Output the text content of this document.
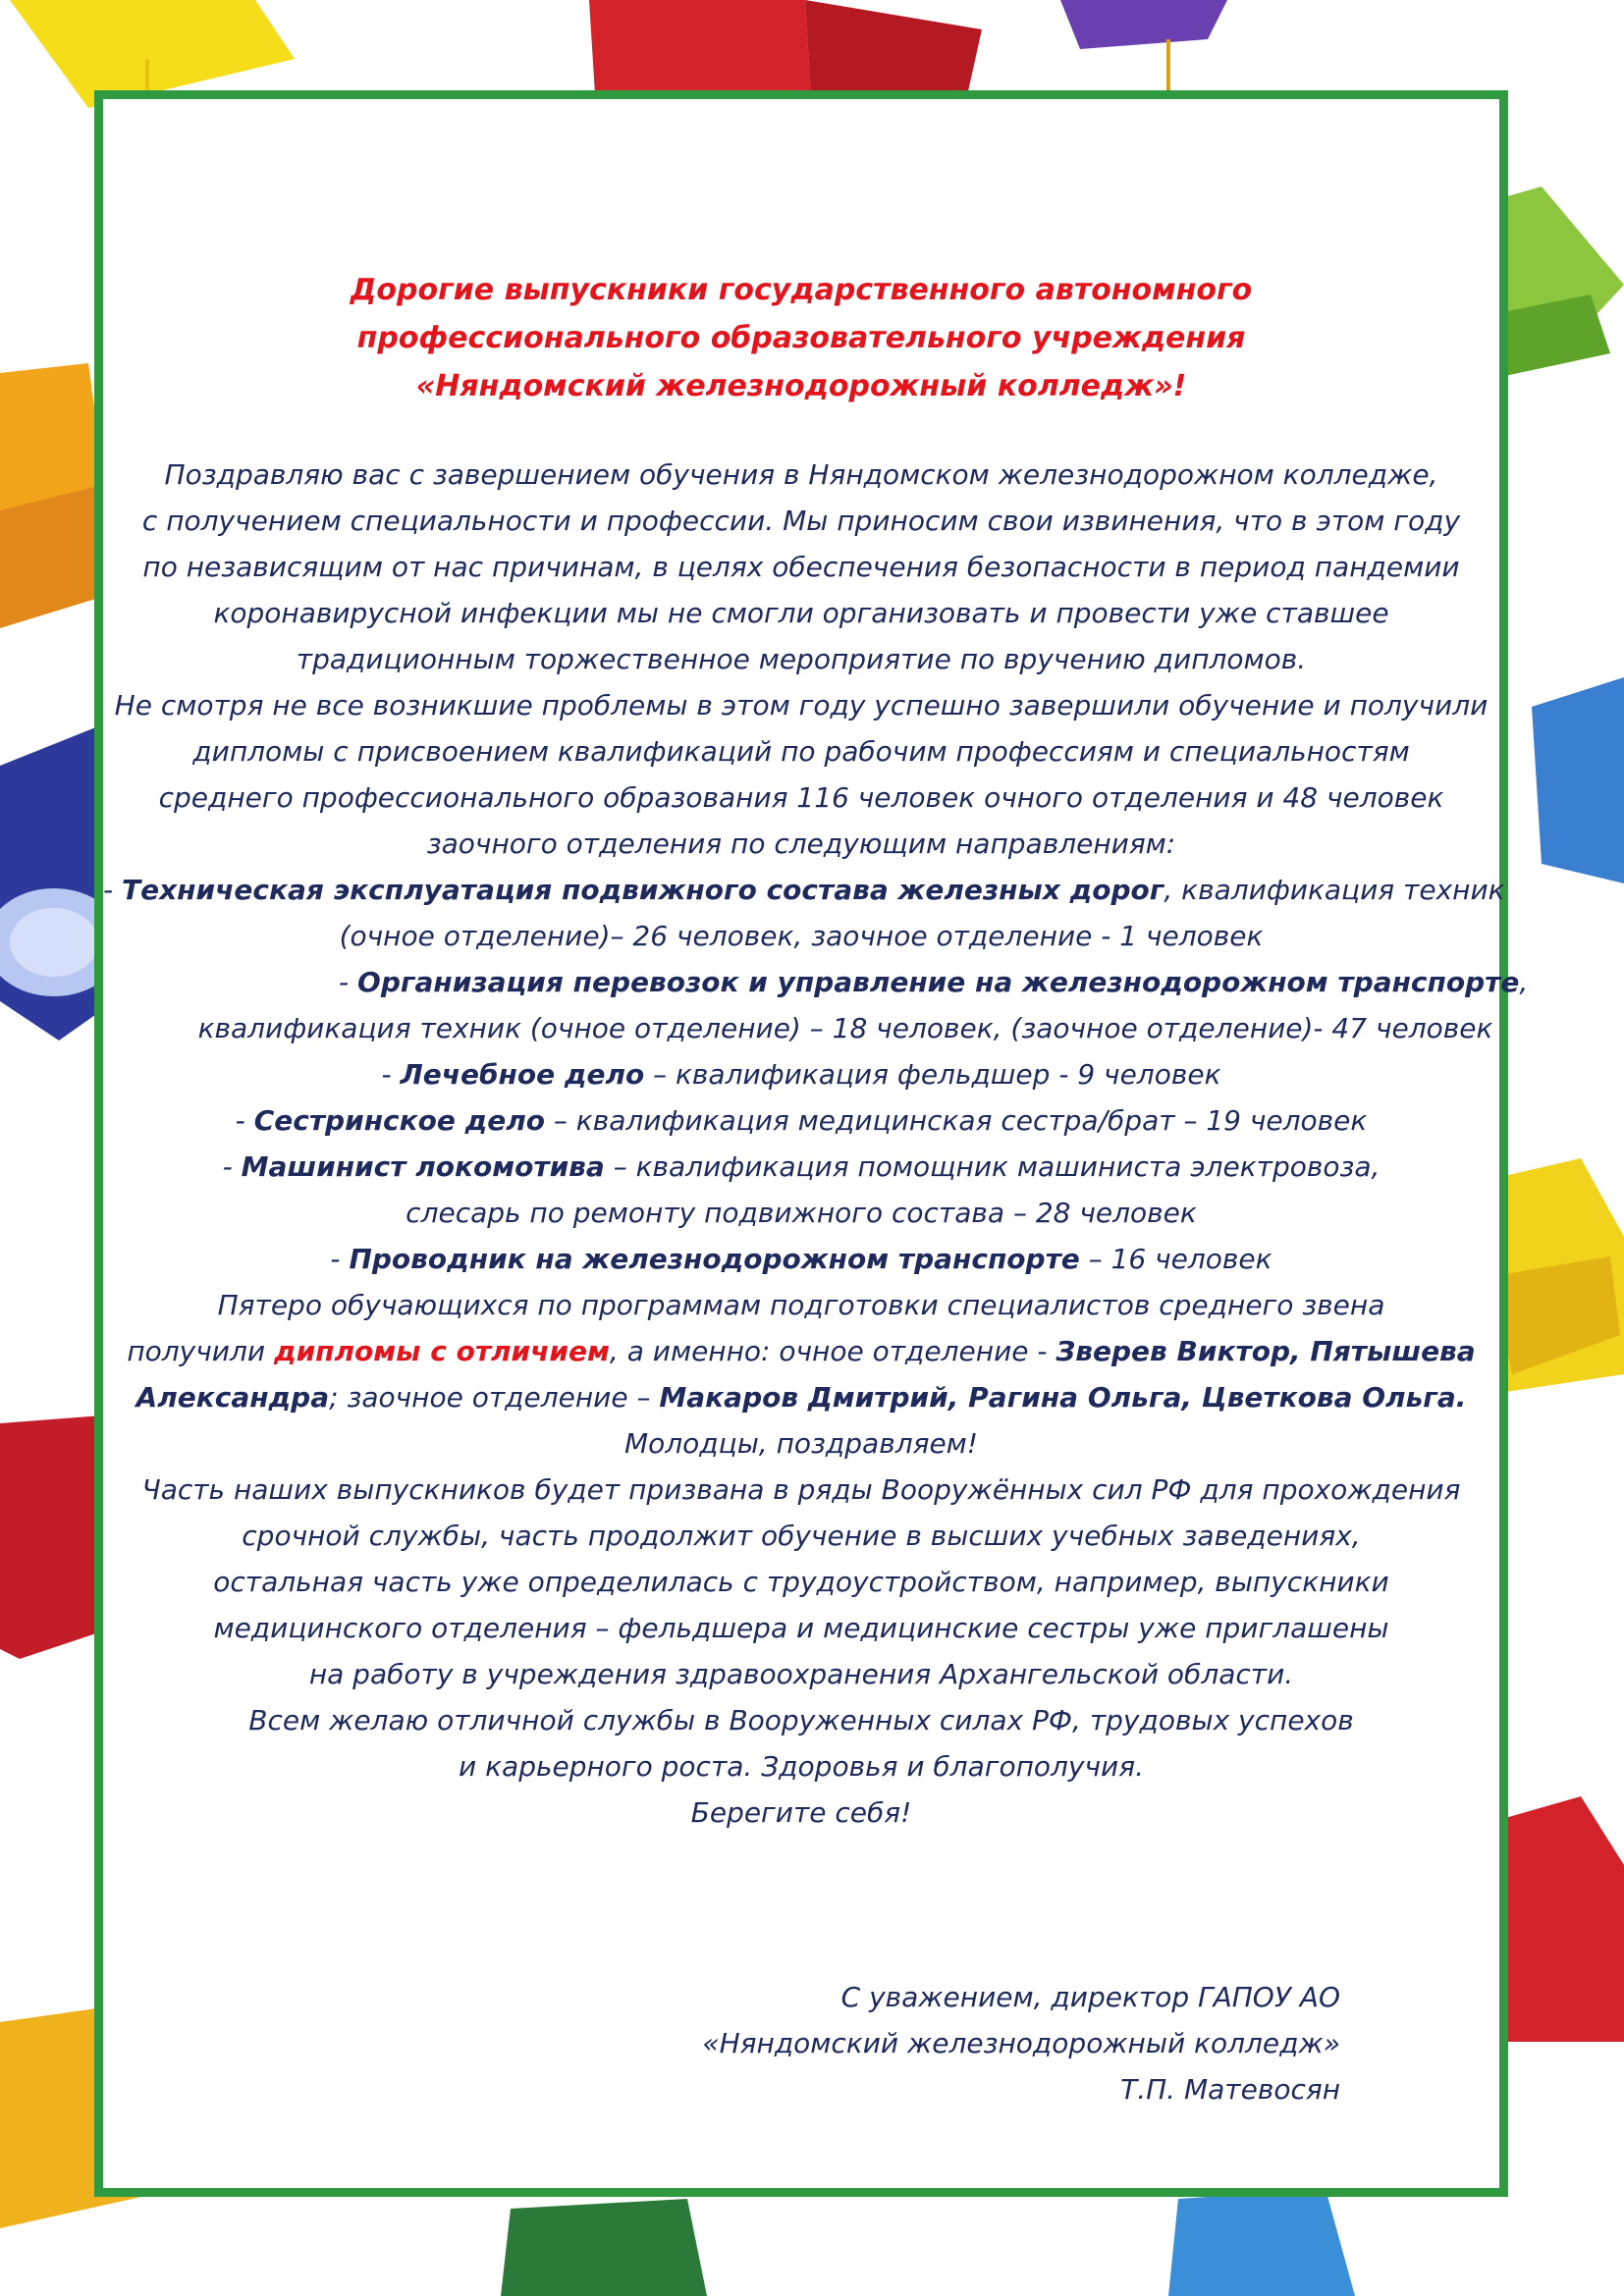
Дорогие выпускники государственного автономного
профессионального образовательного учреждения
«Няндомский железнодорожный колледж»!
Поздравляю вас с завершением обучения в Няндомском железнодорожном колледже,
с получением специальности и профессии. Мы приносим свои извинения, что в этом году
по независящим от нас причинам, в целях обеспечения безопасности в период пандемии
коронавирусной инфекции мы не смогли организовать и провести уже ставшее
традиционным торжественное мероприятие по вручению дипломов.
Не смотря не все возникшие проблемы в этом году успешно завершили обучение и получили
дипломы с присвоением квалификаций по рабочим профессиям и специальностям
среднего профессионального образования 116 человек очного отделения и 48 человек
заочного отделения по следующим направлениям:
- Техническая эксплуатация подвижного состава железных дорог, квалификация техник
(очное отделение)– 26 человек, заочное отделение - 1 человек
- Организация перевозок и управление на железнодорожном транспорте,
квалификация техник (очное отделение) – 18 человек, (заочное отделение)- 47 человек
- Лечебное дело – квалификация фельдшер - 9 человек
- Сестринское дело – квалификация медицинская сестра/брат – 19 человек
- Машинист локомотива – квалификация помощник машиниста электровоза,
слесарь по ремонту подвижного состава – 28 человек
- Проводник на железнодорожном транспорте – 16 человек
Пятеро обучающихся по программам подготовки специалистов среднего звена
получили дипломы с отличием, а именно: очное отделение - Зверев Виктор, Пятышева
Александра; заочное отделение – Макаров Дмитрий, Рагина Ольга, Цветкова Ольга.
Молодцы, поздравляем!
Часть наших выпускников будет призвана в ряды Вооружённых сил РФ для прохождения
срочной службы, часть продолжит обучение в высших учебных заведениях,
остальная часть уже определилась с трудоустройством, например, выпускники
медицинского отделения – фельдшера и медицинские сестры уже приглашены
на работу в учреждения здравоохранения Архангельской области.
Всем желаю отличной службы в Вооруженных силах РФ, трудовых успехов
и карьерного роста. Здоровья и благополучия.
Берегите себя!
С уважением, директор ГАПОУ АО
«Няндомский железнодорожный колледж»
Т.П. Матевосян
